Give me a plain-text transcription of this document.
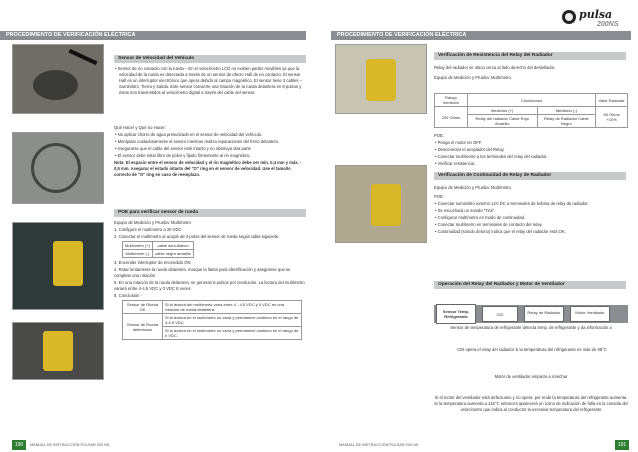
PROCEDIMIENTO DE VERIFICACIÓN ELÉCTRICA
Sensor de Velocidad del Vehículo

• Sensor de no contacto con la rueda – En el velocímetro LCD no existen partes movibles ya que la velocidad de la rueda es detectada a través de un sensor de efecto Hall de no contacto. El sensor Hall es un interruptor electrónico que opera debido al campo magnético. El sensor tiene 3 cables – Suministro, Tierra y Salida. Este sensor convierte una rotación de la rueda delantera en 8 pulsos y éstos son transmitidos al velocímetro digital a través del cable del sensor.

Qué Hacer y Qué no Hacer:

• No aplicar chorro de agua presurizado en el sensor de velocidad del vehículo.

• Manipular cuidadosamente el sensor mientras realiza reparaciones del freno delantero.

• Asegurarse que el cable del sensor esté intacto y no obstruya otra parte

• El sensor debe estar libre de polvo y fijado firmemente al rin magnético.

Nota: El espacio entre el sensor de velocidad y el rin magnético debe ser mín. 0,4 mm y máx. - 0,5 mm. Asegurar el estado intacto del "O" ring en el sensor de velocidad. Use el tamaño correcto de "O" ring en caso de reemplazo.

POE para verificar sensor de rueda

Equipo de Medición y Prueba: Multímetro

1. Configure el multímetro a 20 VDC

2. Conectar el multímetro al acople de 4 polos del sensor de rueda según tabla siguiente.

Multímetro (+)	cable azul-blanco
Multímetro (-)	cable negro amarillo

3. Encender interruptor de encendido ON

4. Rotar lentamente la rueda delantera, marque la llanta para identificación y asegúrese que se complete una rotación

5. En una rotación de la rueda delantera, se generan 8 pulsos por revolución. La lectura del multímetro variará entre 4-4.5 VDC y 0 VDC 8 veces

6. Conclusión -

Sensor de Rueda OK	Si la lectura del multímetro varía entre 4 - 4.5 VDC y 0 VDC en una rotación de rueda delantera.
Sensor de Rueda defectuoso	Si la lectura en el multímetro no varía y permanece continuo en el rango de 4-4.5 VDC
	Si la lectura en el multímetro no varía y permanece continuo en el rango de 0 VDC.
190	MANUAL DE INSTRUCCIÓN PULSAR 200 NS
pulsa
200NS
PROCEDIMIENTO DE VERIFICACIÓN ELÉCTRICA
Verificación de Resistencia del Relay del Radiador

Relay del radiador se ubica cerca al lado derecho del destellador.

Equipo de Medición y Prueba: Multímetro.

Rango medición	Conexiones		Valor Estándar
200 Ohms	Medición (+)	Medición (-)	90 Ohms +10%
	Relay del radiador Cable Rojo Amarillo	Relay de Radiador Cable Negro	

POE:

• Ponga el motor en OFF.

• Desconectar el acoplador del Relay.

• Conectar multímetro a los terminales del relay del radiador.

• Verificar resistencia.

Verificación de Continuidad de Relay de Radiador

Equipo de Medición y Prueba: Multímetro

POE:

• Conectar suministro externo 12V DC a terminales de bobina de relay de radiador.

• Se escuchará un sonido "Tick".

• Configurar multímetro en modo de continuidad.

• Conectar multímetro en terminales de contacto del relay.

• Continuidad (sonido detono) indica que el relay del radiador está OK.

Operación del Relay del Radiador y Motor de Ventilador
Sensor Temp. Refrigerante	CDI	Relay de Radiador	Motor Ventilador
Sensor de temperatura de refrigerante detecta temp. de refrigerante y da información a
CDI opera el relay del radiador si la temperatura del refrigerante es más de 96°C
Motor de ventilador empieza a marchar
Si el motor del ventilador está defectuoso y no opera, por ende la temperatura del refrigerante aumenta. Si la temperatura aumenta a 115°C entonces aparecerá un ícono de indicación de falla en la consola del velocímetro que indica al conductor la excesiva temperatura del refrigerante
MANUAL DE INSTRUCCIÓN PULSAR 200 NS	191
